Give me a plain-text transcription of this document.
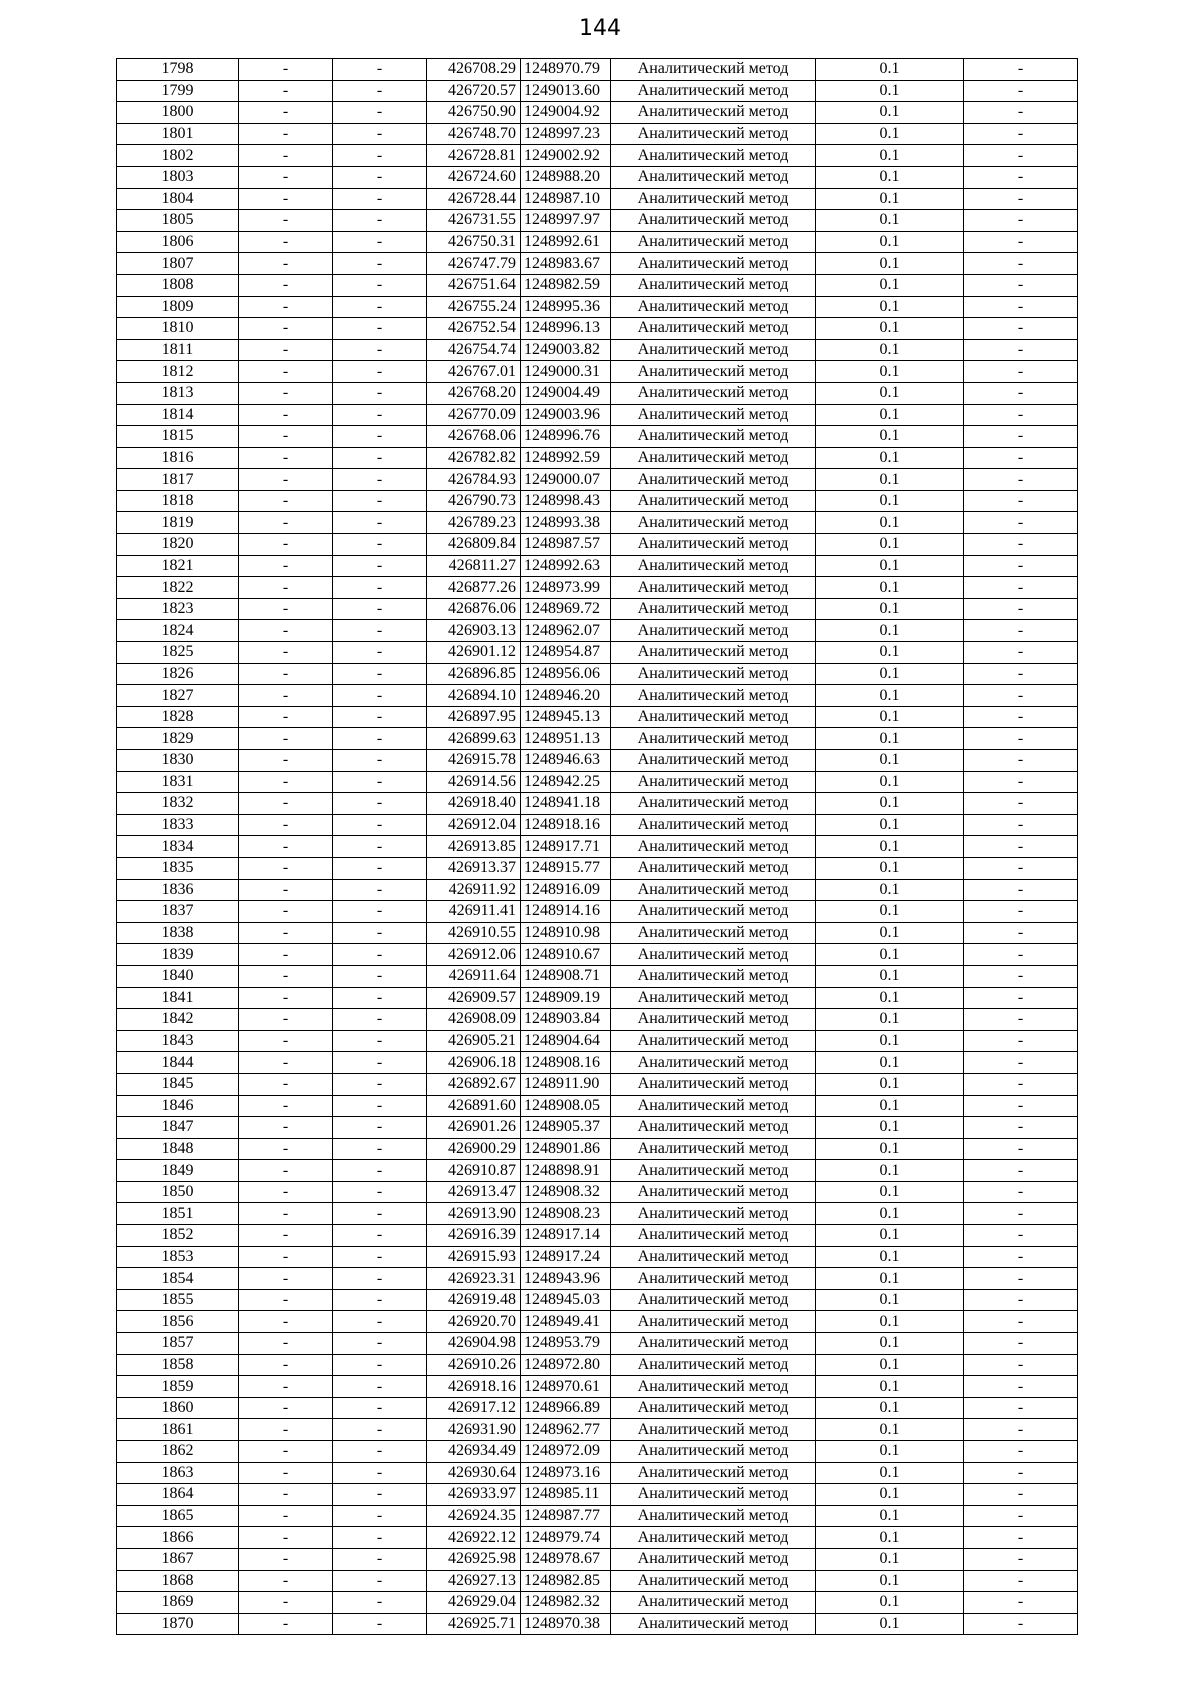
144
1798	-	-	426708.29	1248970.79	Аналитический метод	0.1	-
1799	-	-	426720.57	1249013.60	Аналитический метод	0.1	-
1800	-	-	426750.90	1249004.92	Аналитический метод	0.1	-
1801	-	-	426748.70	1248997.23	Аналитический метод	0.1	-
1802	-	-	426728.81	1249002.92	Аналитический метод	0.1	-
1803	-	-	426724.60	1248988.20	Аналитический метод	0.1	-
1804	-	-	426728.44	1248987.10	Аналитический метод	0.1	-
1805	-	-	426731.55	1248997.97	Аналитический метод	0.1	-
1806	-	-	426750.31	1248992.61	Аналитический метод	0.1	-
1807	-	-	426747.79	1248983.67	Аналитический метод	0.1	-
1808	-	-	426751.64	1248982.59	Аналитический метод	0.1	-
1809	-	-	426755.24	1248995.36	Аналитический метод	0.1	-
1810	-	-	426752.54	1248996.13	Аналитический метод	0.1	-
1811	-	-	426754.74	1249003.82	Аналитический метод	0.1	-
1812	-	-	426767.01	1249000.31	Аналитический метод	0.1	-
1813	-	-	426768.20	1249004.49	Аналитический метод	0.1	-
1814	-	-	426770.09	1249003.96	Аналитический метод	0.1	-
1815	-	-	426768.06	1248996.76	Аналитический метод	0.1	-
1816	-	-	426782.82	1248992.59	Аналитический метод	0.1	-
1817	-	-	426784.93	1249000.07	Аналитический метод	0.1	-
1818	-	-	426790.73	1248998.43	Аналитический метод	0.1	-
1819	-	-	426789.23	1248993.38	Аналитический метод	0.1	-
1820	-	-	426809.84	1248987.57	Аналитический метод	0.1	-
1821	-	-	426811.27	1248992.63	Аналитический метод	0.1	-
1822	-	-	426877.26	1248973.99	Аналитический метод	0.1	-
1823	-	-	426876.06	1248969.72	Аналитический метод	0.1	-
1824	-	-	426903.13	1248962.07	Аналитический метод	0.1	-
1825	-	-	426901.12	1248954.87	Аналитический метод	0.1	-
1826	-	-	426896.85	1248956.06	Аналитический метод	0.1	-
1827	-	-	426894.10	1248946.20	Аналитический метод	0.1	-
1828	-	-	426897.95	1248945.13	Аналитический метод	0.1	-
1829	-	-	426899.63	1248951.13	Аналитический метод	0.1	-
1830	-	-	426915.78	1248946.63	Аналитический метод	0.1	-
1831	-	-	426914.56	1248942.25	Аналитический метод	0.1	-
1832	-	-	426918.40	1248941.18	Аналитический метод	0.1	-
1833	-	-	426912.04	1248918.16	Аналитический метод	0.1	-
1834	-	-	426913.85	1248917.71	Аналитический метод	0.1	-
1835	-	-	426913.37	1248915.77	Аналитический метод	0.1	-
1836	-	-	426911.92	1248916.09	Аналитический метод	0.1	-
1837	-	-	426911.41	1248914.16	Аналитический метод	0.1	-
1838	-	-	426910.55	1248910.98	Аналитический метод	0.1	-
1839	-	-	426912.06	1248910.67	Аналитический метод	0.1	-
1840	-	-	426911.64	1248908.71	Аналитический метод	0.1	-
1841	-	-	426909.57	1248909.19	Аналитический метод	0.1	-
1842	-	-	426908.09	1248903.84	Аналитический метод	0.1	-
1843	-	-	426905.21	1248904.64	Аналитический метод	0.1	-
1844	-	-	426906.18	1248908.16	Аналитический метод	0.1	-
1845	-	-	426892.67	1248911.90	Аналитический метод	0.1	-
1846	-	-	426891.60	1248908.05	Аналитический метод	0.1	-
1847	-	-	426901.26	1248905.37	Аналитический метод	0.1	-
1848	-	-	426900.29	1248901.86	Аналитический метод	0.1	-
1849	-	-	426910.87	1248898.91	Аналитический метод	0.1	-
1850	-	-	426913.47	1248908.32	Аналитический метод	0.1	-
1851	-	-	426913.90	1248908.23	Аналитический метод	0.1	-
1852	-	-	426916.39	1248917.14	Аналитический метод	0.1	-
1853	-	-	426915.93	1248917.24	Аналитический метод	0.1	-
1854	-	-	426923.31	1248943.96	Аналитический метод	0.1	-
1855	-	-	426919.48	1248945.03	Аналитический метод	0.1	-
1856	-	-	426920.70	1248949.41	Аналитический метод	0.1	-
1857	-	-	426904.98	1248953.79	Аналитический метод	0.1	-
1858	-	-	426910.26	1248972.80	Аналитический метод	0.1	-
1859	-	-	426918.16	1248970.61	Аналитический метод	0.1	-
1860	-	-	426917.12	1248966.89	Аналитический метод	0.1	-
1861	-	-	426931.90	1248962.77	Аналитический метод	0.1	-
1862	-	-	426934.49	1248972.09	Аналитический метод	0.1	-
1863	-	-	426930.64	1248973.16	Аналитический метод	0.1	-
1864	-	-	426933.97	1248985.11	Аналитический метод	0.1	-
1865	-	-	426924.35	1248987.77	Аналитический метод	0.1	-
1866	-	-	426922.12	1248979.74	Аналитический метод	0.1	-
1867	-	-	426925.98	1248978.67	Аналитический метод	0.1	-
1868	-	-	426927.13	1248982.85	Аналитический метод	0.1	-
1869	-	-	426929.04	1248982.32	Аналитический метод	0.1	-
1870	-	-	426925.71	1248970.38	Аналитический метод	0.1	-
